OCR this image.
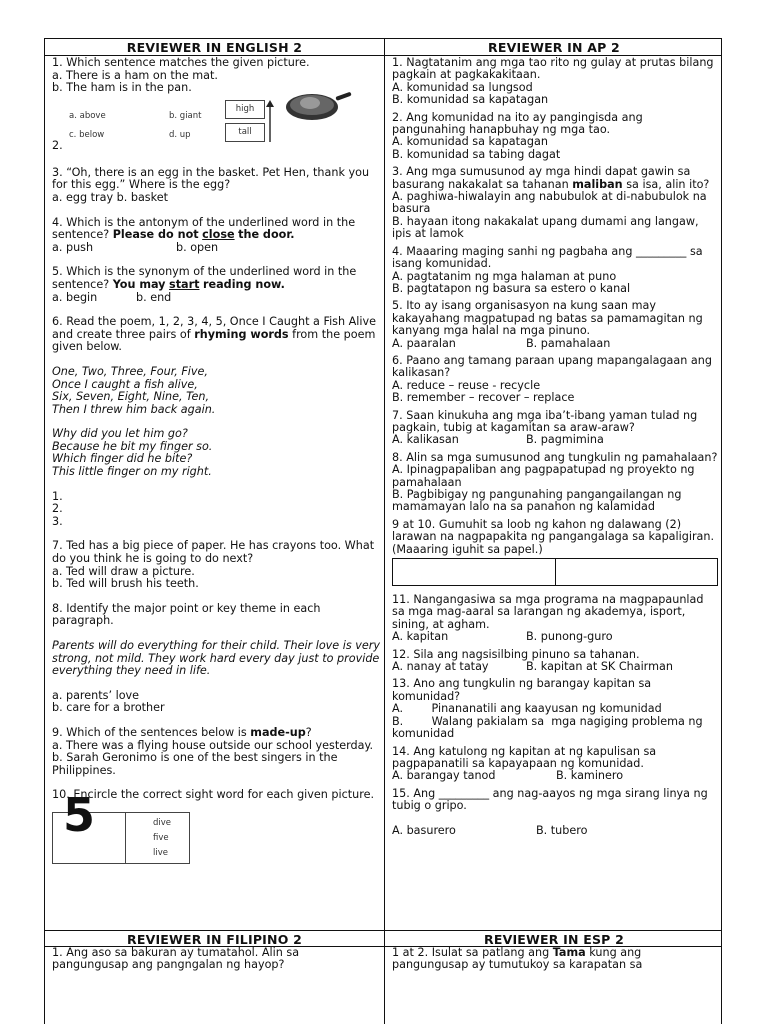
REVIEWER IN ENGLISH 2	REVIEWER IN AP 2
REVIEWER IN FILIPINO 2	REVIEWER IN ESP 2

1. Which sentence matches the given picture.

a. There is a ham on the mat.

b. The ham is in the pan.

a. above	b. giant
c. below	d. up
high
tall

2.

3. “Oh, there is an egg in the basket. Pet Hen, thank you for this egg.” Where is the egg?

a. egg tray b. basket

4. Which is the antonym of the underlined word in the sentence? Please do not close the door.

a. push	b. open

5. Which is the synonym of the underlined word in the sentence? You may start reading now.

a. begin	b. end

6. Read the poem, 1, 2, 3, 4, 5, Once I Caught a Fish Alive and create three pairs of rhyming words from the poem given below.

One, Two, Three, Four, Five,

Once I caught a fish alive,

Six, Seven, Eight, Nine, Ten,

Then I threw him back again.

Why did you let him go?

Because he bit my finger so.

Which finger did he bite?

This little finger on my right.

1.

2.

3.

7. Ted has a big piece of paper. He has crayons too. What do you think he is going to do next?

a. Ted will draw a picture.

b. Ted will brush his teeth.

8. Identify the major point or key theme in each paragraph.

Parents will do everything for their child. Their love is very strong, not mild. They work hard every day just to provide everything they need in life.

a. parents’ love

b. care for a brother

9. Which of the sentences below is made-up?

a. There was a flying house outside our school yesterday.

b. Sarah Geronimo is one of the best singers in the Philippines.

10. Encircle the correct sight word for each given picture.

5	dive
five
live

1. Nagtatanim ang mga tao rito ng gulay at prutas bilang pagkain at pagkakakitaan.

A. komunidad sa lungsod

B. komunidad sa kapatagan

2. Ang komunidad na ito ay pangingisda ang pangunahing hanapbuhay ng mga tao.

A. komunidad sa kapatagan

B. komunidad sa tabing dagat

3. Ang mga sumusunod ay mga hindi dapat gawin sa basurang nakakalat sa tahanan maliban sa isa, alin ito?

A. paghiwa-hiwalayin ang nabubulok at di-nabubulok na basura

B. hayaan itong nakakalat upang dumami ang langaw, ipis at lamok

4. Maaaring maging sanhi ng pagbaha ang _________ sa isang komunidad.

A. pagtatanim ng mga halaman at puno

B. pagtatapon ng basura sa estero o kanal

5. Ito ay isang organisasyon na kung saan may kakayahang magpatupad ng batas sa pamamagitan ng kanyang mga halal na mga pinuno.

A. paaralan	B. pamahalaan

6. Paano ang tamang paraan upang mapangalagaan ang kalikasan?

A. reduce – reuse - recycle

B. remember – recover – replace

7. Saan kinukuha ang mga iba’t-ibang yaman tulad ng pagkain, tubig at kagamitan sa araw-araw?

A. kalikasan	B. pagmimina

8. Alin sa mga sumusunod ang tungkulin ng pamahalaan?

A. Ipinagpapaliban ang pagpapatupad ng proyekto ng pamahalaan

B. Pagbibigay ng pangunahing pangangailangan ng mamamayan lalo na sa panahon ng kalamidad

9 at 10. Gumuhit sa loob ng kahon ng dalawang (2) larawan na nagpapakita ng pangangalaga sa kapaligiran. (Maaaring iguhit sa papel.)

11. Nangangasiwa sa mga programa na magpapaunlad sa mga mag-aaral sa larangan ng akademya, isport, sining, at agham.

A. kapitan	B. punong-guro

12. Sila ang nagsisilbing pinuno sa tahanan.

A. nanay at tatay	B. kapitan at SK Chairman

13. Ano ang tungkulin ng barangay kapitan sa komunidad?

A.        Pinananatili ang kaayusan ng komunidad

B.        Walang pakialam sa  mga nagiging problema ng komunidad

14. Ang katulong ng kapitan at ng kapulisan sa pagpapanatili sa kapayapaan ng komunidad.

A. barangay tanod	B. kaminero

15. Ang _________ ang nag-aayos ng mga sirang linya ng tubig o gripo.

A. basurero	B. tubero

1. Ang aso sa bakuran ay tumatahol. Alin sa pangungusap ang pangngalan ng hayop?

1 at 2. Isulat sa patlang ang Tama kung ang pangungusap ay tumutukoy sa karapatan sa
